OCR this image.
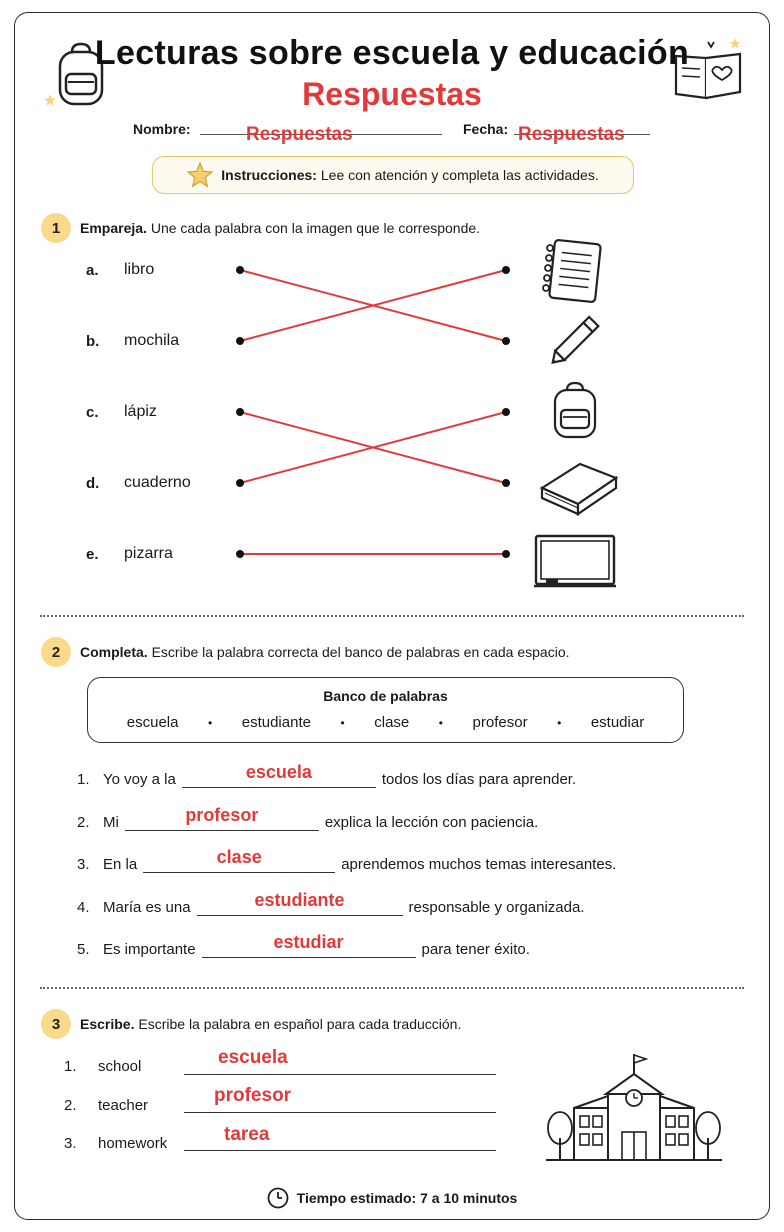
Lecturas sobre escuela y educación
Respuestas
Nombre:	Respuestas	Fecha: Respuestas
Instrucciones: Lee con atención y completa las actividades.
1	Empareja. Une cada palabra con la imagen que le corresponde.
a. libro
b. mochila
c. lápiz
d. cuaderno
e. pizarra
2	Completa. Escribe la palabra correcta del banco de palabras en cada espacio.
Banco de palabras
escuela • estudiante • clase • profesor • estudiar
1. Yo voy a la	escuela	todos los días para aprender.
2. Mi	profesor	explica la lección con paciencia.
3. En la	clase	aprendemos muchos temas interesantes.
4. María es una	estudiante	responsable y organizada.
5. Es importante	estudiar	para tener éxito.
3	Escribe. Escribe la palabra en español para cada traducción.
1. school	escuela
2. teacher	profesor
3. homework	tarea
Tiempo estimado: 7 a 10 minutos
